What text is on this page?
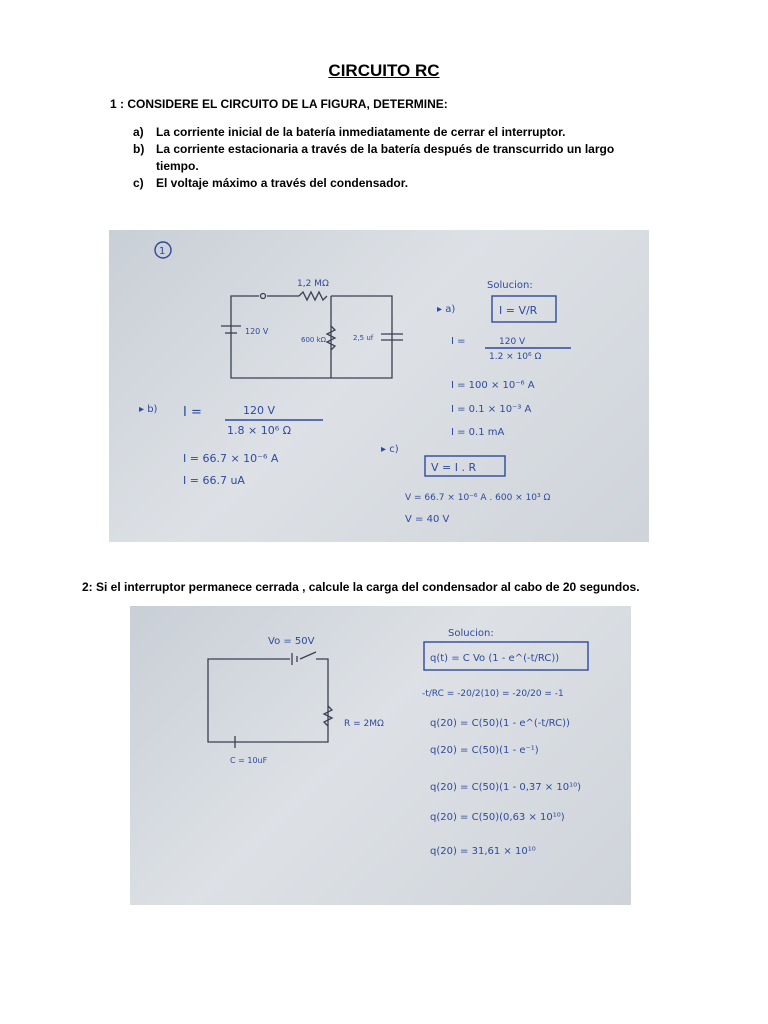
CIRCUITO RC
1 : CONSIDERE EL CIRCUITO DE LA FIGURA, DETERMINE:
a)	La corriente inicial de la batería inmediatamente de cerrar el interruptor.
b) La corriente estacionaria a través de la batería después de transcurrido un largo tiempo.
c)	El voltaje máximo a través del condensador.
1
1,2 MΩ
120 V
600 kΩ	2,5 uf
Solucion:
▸ a)	I = V/R
I =	120 V
1.2 × 10⁶ Ω
I = 100 × 10⁻⁶ A
I = 0.1 × 10⁻³ A
I = 0.1 mA
▸ b) I =	120 V
1.8 × 10⁶ Ω
I = 66.7 × 10⁻⁶ A
I = 66.7 uA
▸ c)
V = I . R
V = 66.7 × 10⁻⁶ A . 600 × 10³ Ω
V = 40 V
2: Si el interruptor permanece cerrada , calcule la carga del condensador al cabo de 20 segundos.
Vo = 50V
R = 2MΩ
C = 10uF
Solucion:
q(t) = C Vo (1 - e^(-t/RC))
-t/RC = -20/2(10) = -20/20 = -1
q(20) = C(50)(1 - e^(-t/RC))
q(20) = C(50)(1 - e⁻¹)
q(20) = C(50)(1 - 0,37 × 10¹⁰)
q(20) = C(50)(0,63 × 10¹⁰)
q(20) = 31,61 × 10¹⁰
